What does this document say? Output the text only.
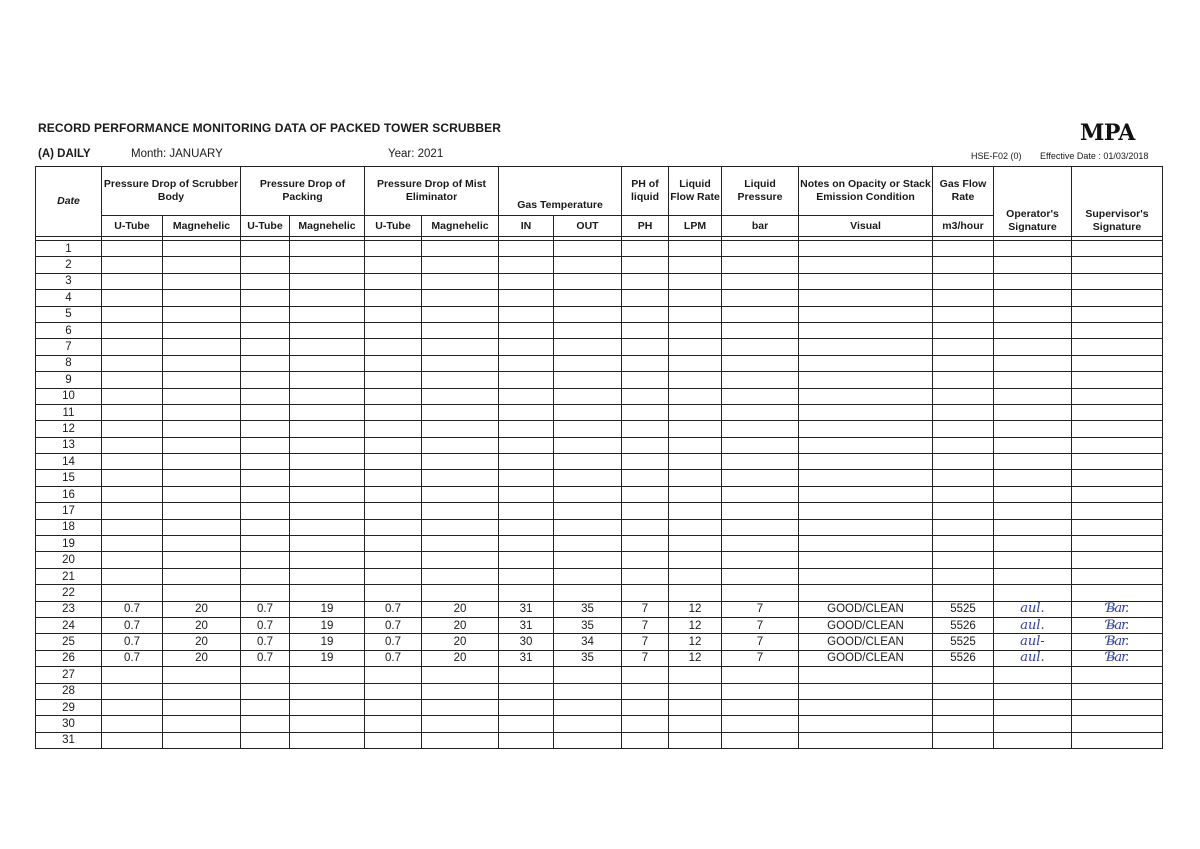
RECORD PERFORMANCE MONITORING DATA OF PACKED TOWER SCRUBBER	MPA
(A) DAILY	Month: JANUARY	Year: 2021	HSE-F02 (0) Effective Date : 01/03/2018
Date	Pressure Drop of Scrubber Body		Pressure Drop of Packing		Pressure Drop of Mist Eliminator		Gas Temperature		PH of liquid	Liquid Flow Rate	Liquid Pressure	Notes on Opacity or Stack Emission Condition	Gas Flow Rate	Operator's Signature	Supervisor's Signature
	U-Tube	Magnehelic	U-Tube	Magnehelic	U-Tube	Magnehelic	IN	OUT	PH	LPM	bar	Visual	m3/hour		

1															
2															
3															
4															
5															
6															
7															
8															
9															
10															
11															
12															
13															
14															
15															
16															
17															
18															
19															
20															
21															
22															
23	0.7	20	0.7	19	0.7	20	31	35	7	12	7	GOOD/CLEAN	5525	aul.	Ɓ̶ar.
24	0.7	20	0.7	19	0.7	20	31	35	7	12	7	GOOD/CLEAN	5526	aul.	Ɓ̶ar.
25	0.7	20	0.7	19	0.7	20	30	34	7	12	7	GOOD/CLEAN	5525	aul-	Ɓ̶ar.
26	0.7	20	0.7	19	0.7	20	31	35	7	12	7	GOOD/CLEAN	5526	aul.	Ɓ̶ar.
27															
28															
29															
30															
31															
